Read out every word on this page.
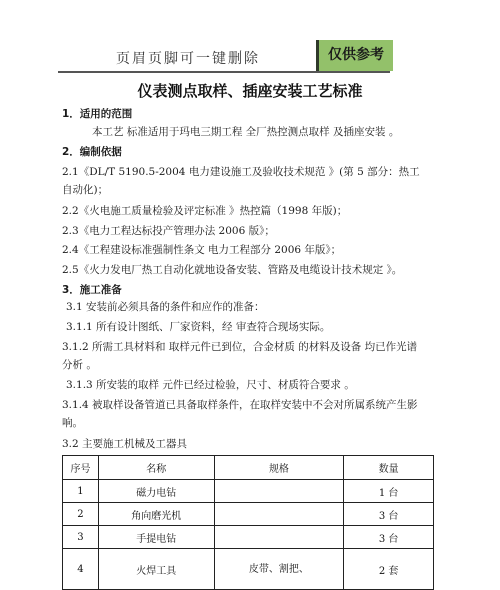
页眉页脚可一键删除	仅供参考
仪表测点取样、插座安装工艺标准
1．适用的范围
本工艺 标准适用于玛电三期工程 全厂热控测点取样 及插座安装 。
2．编制依据
2.1《DL/T 5190.5-2004 电力建设施工及验收技术规范 》(第 5 部分：热工
自动化)；
2.2《火电施工质量检验及评定标准 》热控篇（1998 年版)；
2.3《电力工程达标投产管理办法 2006 版》；
2.4《工程建设标准强制性条文 电力工程部分 2006 年版》；
2.5《火力发电厂热工自动化就地设备安装、管路及电缆设计技术规定 》。
3．施工准备
3.1 安装前必须具备的条件和应作的准备：
3.1.1 所有设计图纸、厂家资料，经 审查符合现场实际。
3.1.2 所需工具材料和 取样元件已到位，合金材质 的材料及设备 均已作光谱
分析 。
3.1.3 所安装的取样 元件已经过检验，尺寸、材质符合要求 。
3.1.4 被取样设备管道已具备取样条件，在取样安装中不会对所属系统产生影
响。
3.2 主要施工机械及工器具
序号	名称	规格	数量
1	磁力电钻		1 台
2	角向磨光机		3 台
3	手提电钻		3 台
4	火焊工具	皮带、割把、	2 套
